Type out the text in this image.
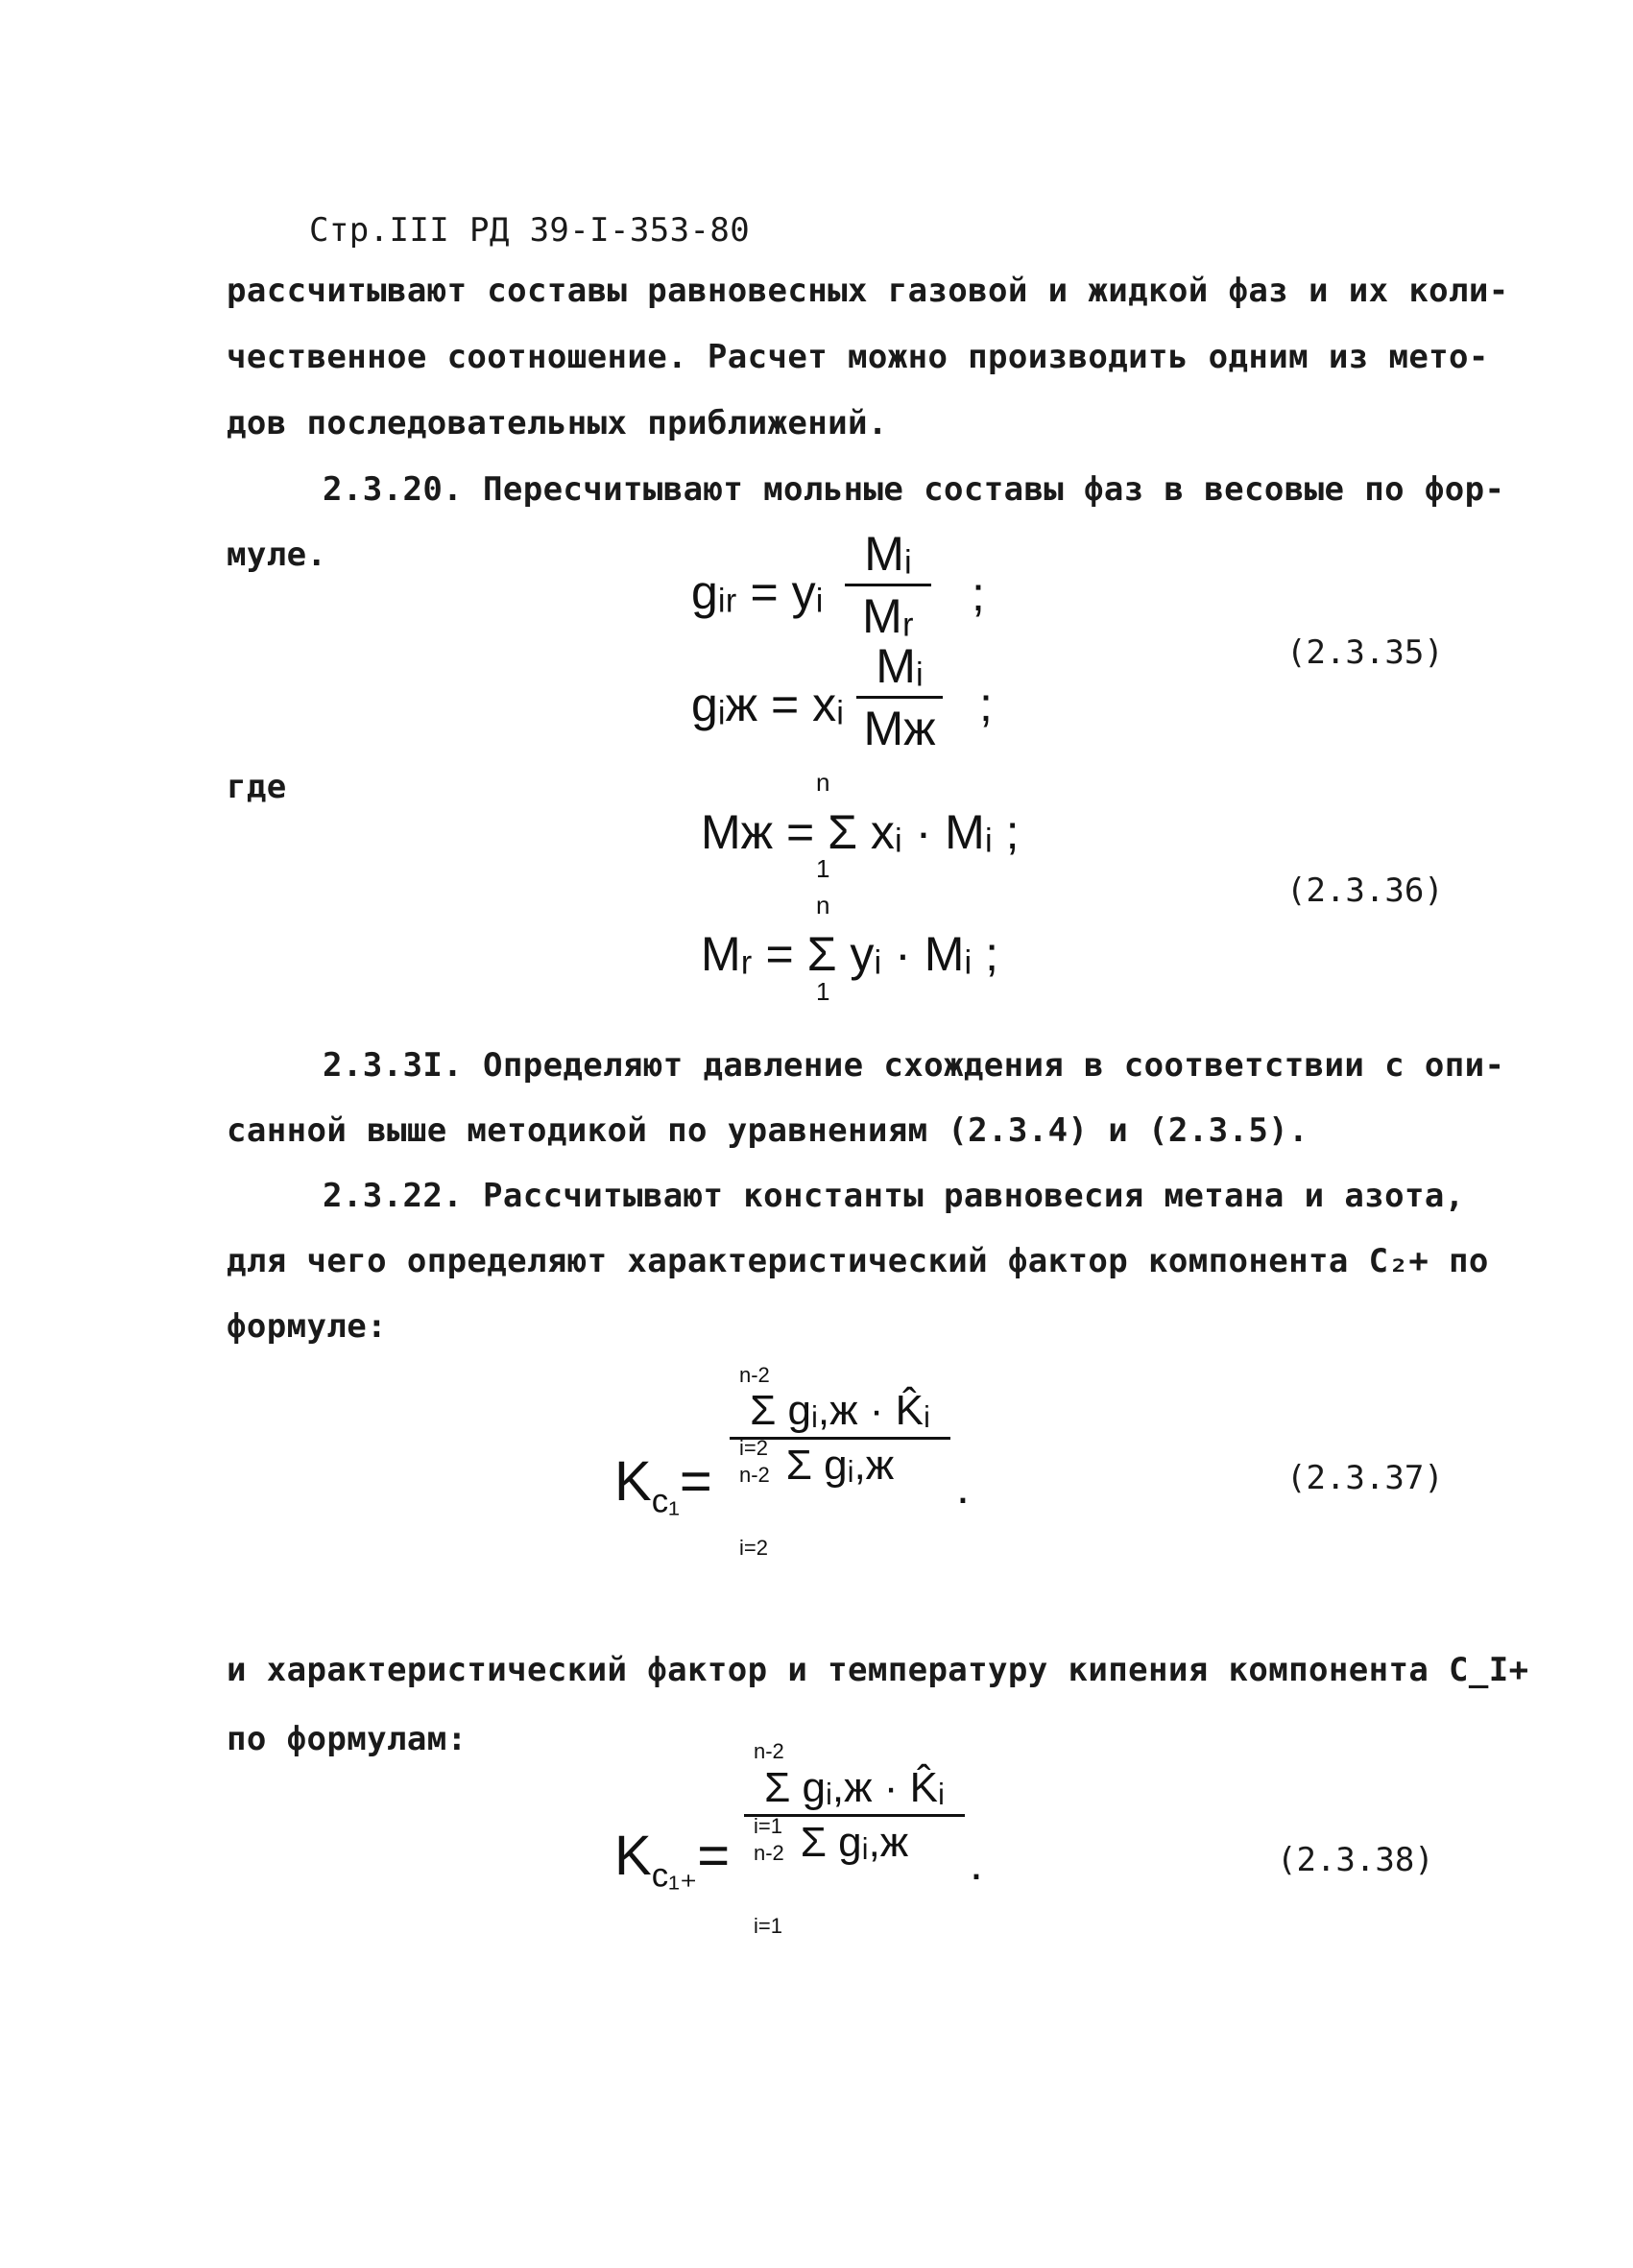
Стр.III РД 39-I-353-80
рассчитывают составы равновесных газовой и жидкой фаз и их коли-
чественное соотношение. Расчет можно производить одним из мето-
дов последовательных приближений.
2.3.20. Пересчитывают мольные составы фаз в весовые по фор-
муле.
gᵢᵣ = yᵢ
Mᵢ
Mᵣ	;
gᵢж = xᵢ
Mᵢ
Mж ;
(2.3.35)
где
Mж = Σ xᵢ · Mᵢ ;
n
1
Mᵣ = Σ yᵢ · Mᵢ ;
n
1
(2.3.36)
2.3.3I. Определяют давление схождения в соответствии с опи-
санной выше методикой по уравнениям (2.3.4) и (2.3.5).
2.3.22. Рассчитывают константы равновесия метана и азота,
для чего определяют характеристический фактор компонента C₂+ по
формуле:
$K_{c_1}=$
Σ gᵢ,ж · K̂ᵢ
Σ gᵢ,ж
n-2
i=2
n-2
i=2
.	(2.3.37)
и характеристический фактор и температуру кипения компонента C_I+
по формулам:
$K_{c_{1+}}=$
Σ gᵢ,ж · K̂ᵢ
Σ gᵢ,ж
n-2
i=1
n-2
i=1
.	(2.3.38)
